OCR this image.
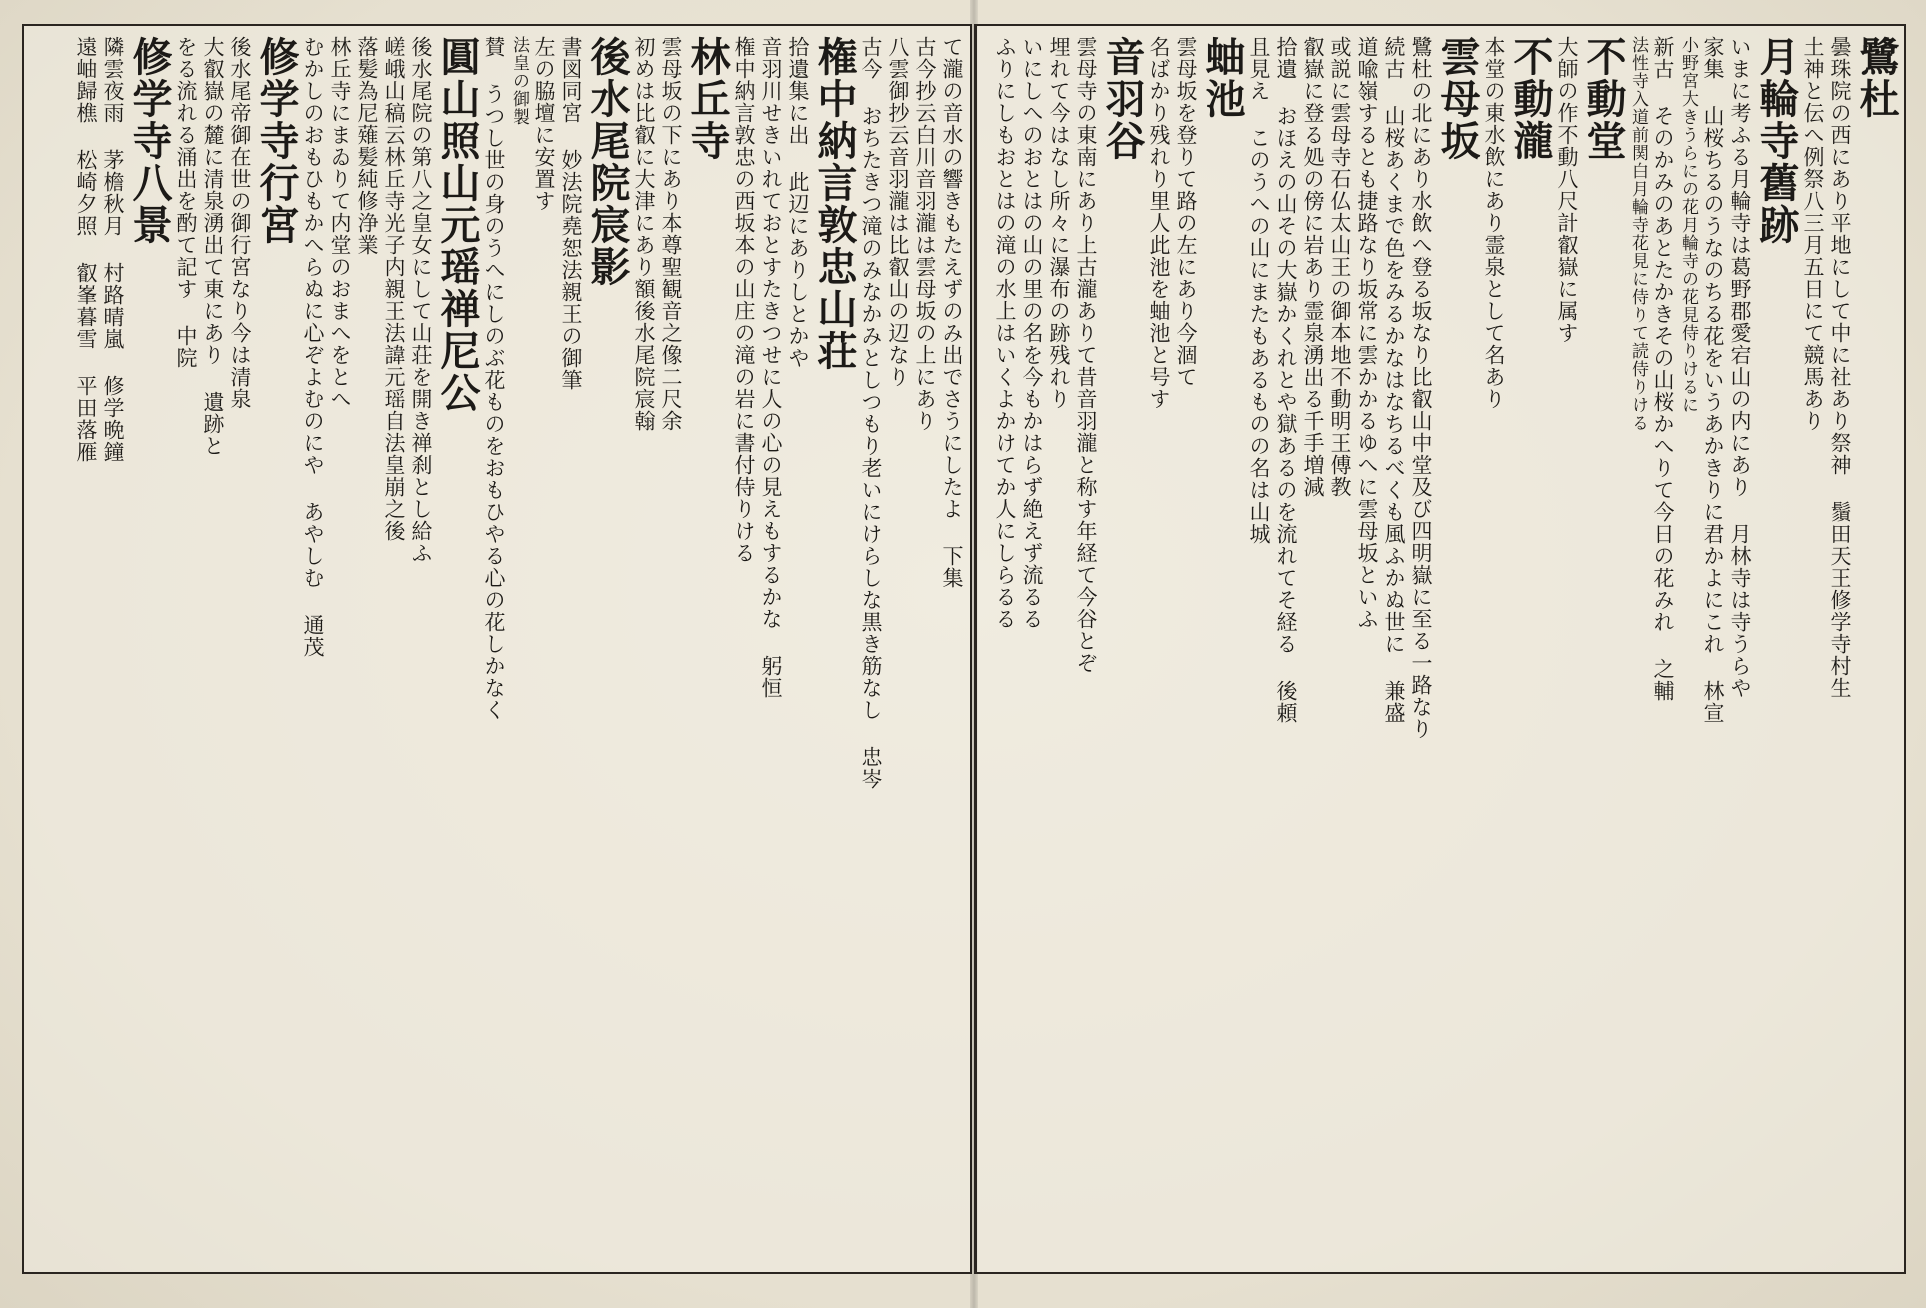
て瀧の音水の響きもたえずのみ出でさうにしたよ 下集
古今抄云白川音羽瀧は雲母坂の上にあり
八雲御抄云音羽瀧は比叡山の辺なり
古今 おちたきつ滝のみなかみとしつもり老いにけらしな黒き筋なし 忠岑
権中納言敦忠山荘
拾遺集に出 此辺にありしとかや
音羽川せきいれておとすたきつせに人の心の見えもするかな 躬恒
権中納言敦忠の西坂本の山庄の滝の岩に書付侍りける
林丘寺
雲母坂の下にあり本尊聖観音之像二尺余
初めは比叡に大津にあり額後水尾院宸翰
後水尾院宸影
書図同宮 妙法院堯恕法親王の御筆
左の脇壇に安置す
法皇の御製
賛 うつし世の身のうへにしのぶ花ものをおもひやる心の花しかなく
圓山照山元瑶禅尼公
後水尾院の第八之皇女にして山荘を開き禅刹とし給ふ
嵯峨山稿云林丘寺光子内親王法諱元瑶自法皇崩之後
落髪為尼薙髪純修浄業
林丘寺にまゐりて内堂のおまへをとへ
むかしのおもひもかへらぬに心ぞよむのにや あやしむ 通茂
修学寺行宮
後水尾帝御在世の御行宮なり今は清泉
大叡嶽の麓に清泉湧出て東にあり 遺跡と
をる流れる涌出を酌て記す 中院
修学寺八景
隣雲夜雨 茅檐秋月 村路晴嵐 修学晩鐘
遠岫歸樵 松崎夕照 叡峯暮雪 平田落雁	鷺杜
曇珠院の西にあり平地にして中に社あり祭神 鬚田天王修学寺村生
土神と伝へ例祭八三月五日にて競馬あり
月輪寺舊跡
いまに考ふる月輪寺は葛野郡愛宕山の内にあり 月林寺は寺うらや
家集 山桜ちるのうなのちる花をいうあかきりに君かよにこれ 林宣
小野宮大きうらにの花月輪寺の花見侍りけるに
新古 そのかみのあとたかきその山桜かへりて今日の花みれ 之輔
法性寺入道前関白月輪寺花見に侍りて読侍りける
不動堂
大師の作不動八尺計叡嶽に属す
不動瀧
本堂の東水飲にあり霊泉として名あり
雲母坂
鷺杜の北にあり水飲へ登る坂なり比叡山中堂及び四明嶽に至る一路なり
続古 山桜あくまで色をみるかなはなちるべくも風ふかぬ世に 兼盛
道喩嶺するとも捷路なり坂常に雲かかるゆへに雲母坂といふ
或説に雲母寺石仏太山王の御本地不動明王傅教
叡嶽に登る処の傍に岩あり霊泉湧出る千手増減
拾遺 おほえの山その大嶽かくれとや獄あるのを流れてそ経る 後頼
且見え このうへの山にまたもあるものの名は山城
蚰池
雲母坂を登りて路の左にあり今涸て
名ばかり残れり里人此池を蚰池と号す
音羽谷
雲母寺の東南にあり上古瀧ありて昔音羽瀧と称す年経て今谷とぞ
埋れて今はなし所々に瀑布の跡残れり
いにしへのおとはの山の里の名を今もかはらず絶えず流るる
ふりにしもおとはの滝の水上はいくよかけてか人にしらるる
